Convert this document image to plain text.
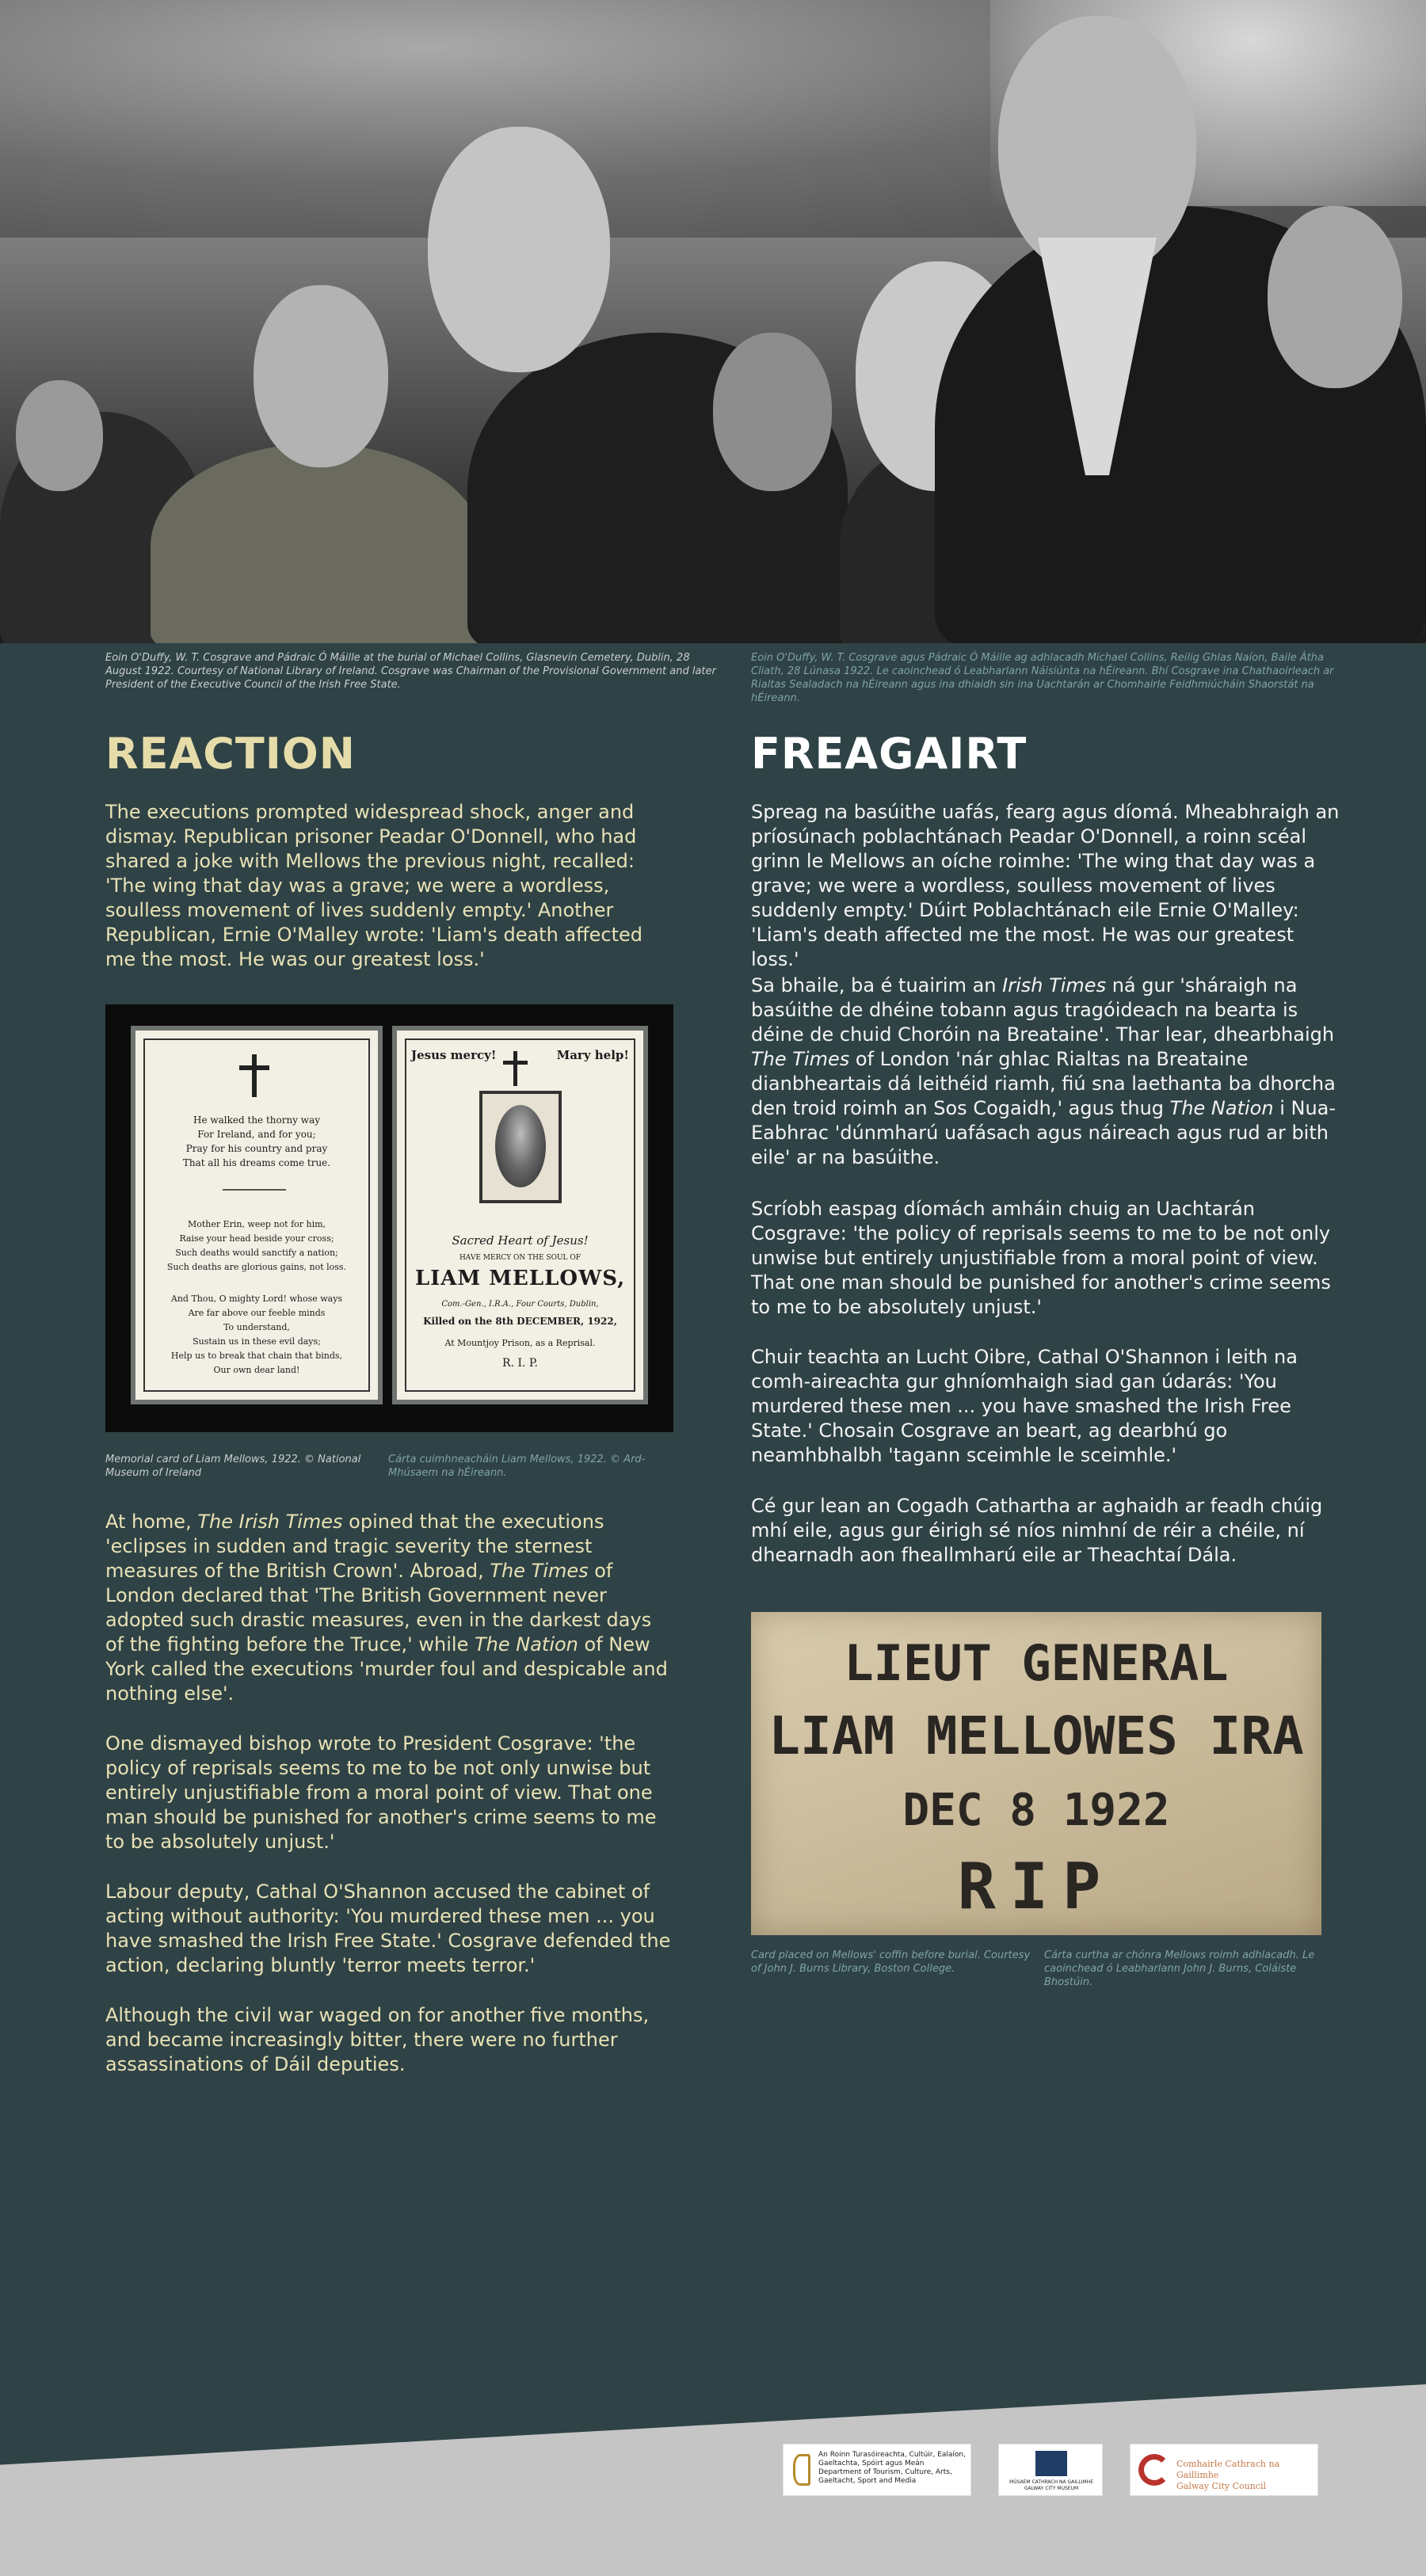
Eoin O'Duffy, W. T. Cosgrave and Pádraic Ó Máille at the burial of Michael Collins, Glasnevin Cemetery, Dublin, 28 August 1922. Courtesy of National Library of Ireland. Cosgrave was Chairman of the Provisional Government and later President of the Executive Council of the Irish Free State.
Eoin O'Duffy, W. T. Cosgrave agus Pádraic Ó Máille ag adhlacadh Michael Collins, Reilig Ghlas Naíon, Baile Átha Cliath, 28 Lúnasa 1922. Le caoinchead ó Leabharlann Náisiúnta na hÉireann. Bhí Cosgrave ina Chathaoirleach ar Rialtas Sealadach na hÉireann agus ina dhiaidh sin ina Uachtarán ar Chomhairle Feidhmiúcháin Shaorstát na hÉireann.
REACTION	FREAGAIRT

The executions prompted widespread shock, anger and dismay. Republican prisoner Peadar O'Donnell, who had shared a joke with Mellows the previous night, recalled: 'The wing that day was a grave; we were a wordless, soulless movement of lives suddenly empty.' Another Republican, Ernie O'Malley wrote: 'Liam's death affected me the most. He was our greatest loss.'

He walked the thorny way
For Ireland, and for you;
Pray for his country and pray
That all his dreams come true.
Mother Erin, weep not for him,
Raise your head beside your cross;
Such deaths would sanctify a nation;
Such deaths are glorious gains, not loss.
And Thou, O mighty Lord! whose ways
Are far above our feeble minds
To understand,
Sustain us in these evil days;
Help us to break that chain that binds,
Our own dear land!
Jesus mercy!	Mary help!
Sacred Heart of Jesus!
HAVE MERCY ON THE SOUL OF
LIAM MELLOWS,
Com.-Gen., I.R.A., Four Courts, Dublin,
Killed on the 8th DECEMBER, 1922,
At Mountjoy Prison, as a Reprisal.
R. I. P.
Memorial card of Liam Mellows, 1922. © National Museum of Ireland
Cárta cuimhneacháin Liam Mellows, 1922. © Ard-Mhúsaem na hÉireann.

At home, The Irish Times opined that the executions 'eclipses in sudden and tragic severity the sternest measures of the British Crown'. Abroad, The Times of London declared that 'The British Government never adopted such drastic measures, even in the darkest days of the fighting before the Truce,' while The Nation of New York called the executions 'murder foul and despicable and nothing else'.

One dismayed bishop wrote to President Cosgrave: 'the policy of reprisals seems to me to be not only unwise but entirely unjustifiable from a moral point of view. That one man should be punished for another's crime seems to me to be absolutely unjust.'

Labour deputy, Cathal O'Shannon accused the cabinet of acting without authority: 'You murdered these men ... you have smashed the Irish Free State.' Cosgrave defended the action, declaring bluntly 'terror meets terror.'

Although the civil war waged on for another five months, and became increasingly bitter, there were no further assassinations of Dáil deputies.

Spreag na basúithe uafás, fearg agus díomá. Mheabhraigh an príosúnach poblachtánach Peadar O'Donnell, a roinn scéal grinn le Mellows an oíche roimhe: 'The wing that day was a grave; we were a wordless, soulless movement of lives suddenly empty.' Dúirt Poblachtánach eile Ernie O'Malley: 'Liam's death affected me the most. He was our greatest loss.'

Sa bhaile, ba é tuairim an Irish Times ná gur 'sháraigh na basúithe de dhéine tobann agus tragóideach na bearta is déine de chuid Choróin na Breataine'. Thar lear, dhearbhaigh The Times of London 'nár ghlac Rialtas na Breataine dianbheartais dá leithéid riamh, fiú sna laethanta ba dhorcha den troid roimh an Sos Cogaidh,' agus thug The Nation i Nua-Eabhrac 'dúnmharú uafásach agus náireach agus rud ar bith eile' ar na basúithe.

Scríobh easpag díomách amháin chuig an Uachtarán Cosgrave: 'the policy of reprisals seems to me to be not only unwise but entirely unjustifiable from a moral point of view. That one man should be punished for another's crime seems to me to be absolutely unjust.'

Chuir teachta an Lucht Oibre, Cathal O'Shannon i leith na comh-aireachta gur ghníomhaigh siad gan údarás: 'You murdered these men ... you have smashed the Irish Free State.' Chosain Cosgrave an beart, ag dearbhú go neamhbhalbh 'tagann sceimhle le sceimhle.'

Cé gur lean an Cogadh Cathartha ar aghaidh ar feadh chúig mhí eile, agus gur éirigh sé níos nimhní de réir a chéile, ní dhearnadh aon fheallmharú eile ar Theachtaí Dála.

LIEUT GENERAL
LIAM MELLOWES IRA
DEC 8 1922
RIP
Card placed on Mellows' coffin before burial. Courtesy of John J. Burns Library, Boston College.
Cárta curtha ar chónra Mellows roimh adhlacadh. Le caoinchead ó Leabharlann John J. Burns, Coláiste Bhostúin.
An Roinn Turasóireachta, Cultúir, Ealaíon, Gaeltachta, Spóirt agus Meán
Department of Tourism, Culture, Arts, Gaeltacht, Sport and Media	MÚSAEM CATHRACH NA GAILLIMHE
GALWAY CITY MUSEUM
Comhairle Cathrach na Gaillimhe
Galway City Council
